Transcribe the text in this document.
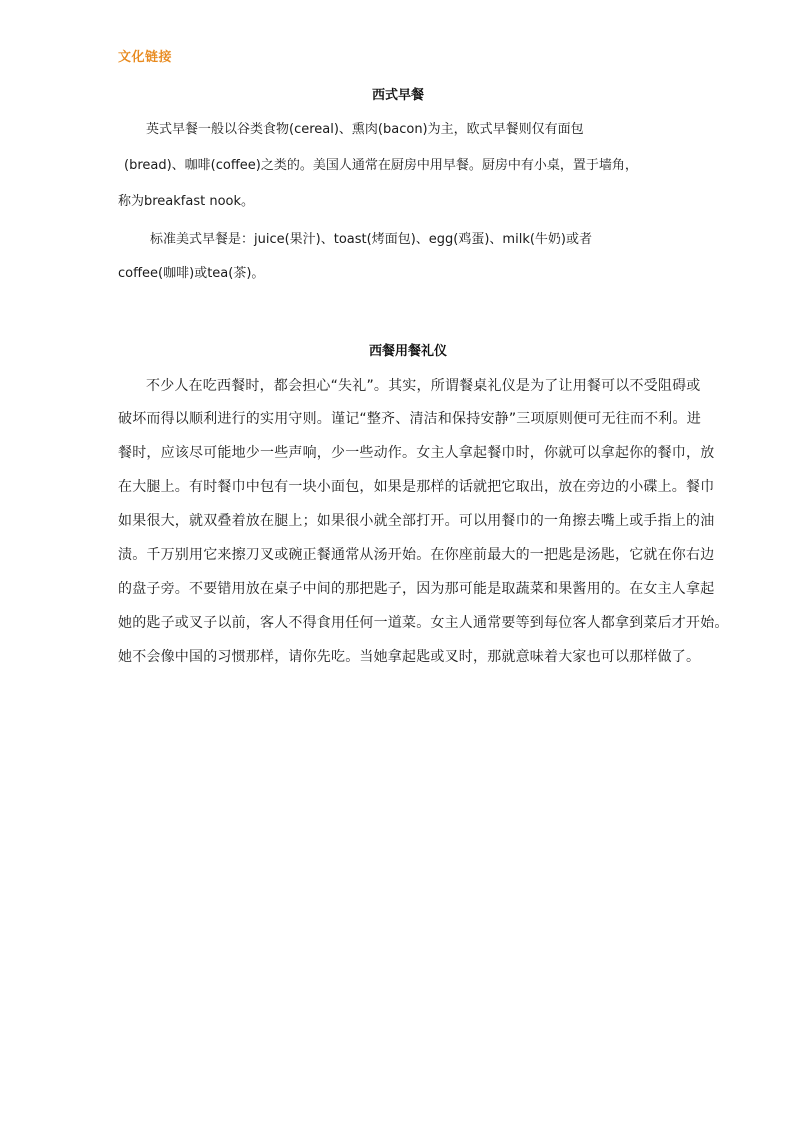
文化链接
西式早餐
英式早餐一般以谷类食物(cereal)、熏肉(bacon)为主，欧式早餐则仅有面包
(bread)、咖啡(coffee)之类的。美国人通常在厨房中用早餐。厨房中有小桌，置于墙角，
称为breakfast nook。
标准美式早餐是：juice(果汁)、toast(烤面包)、egg(鸡蛋)、milk(牛奶)或者
coffee(咖啡)或tea(茶)。
西餐用餐礼仪
不少人在吃西餐时，都会担心“失礼”。其实，所谓餐桌礼仪是为了让用餐可以不受阻碍或
破坏而得以顺利进行的实用守则。谨记“整齐、清洁和保持安静”三项原则便可无往而不利。进
餐时，应该尽可能地少一些声响，少一些动作。女主人拿起餐巾时，你就可以拿起你的餐巾，放
在大腿上。有时餐巾中包有一块小面包，如果是那样的话就把它取出，放在旁边的小碟上。餐巾
如果很大，就双叠着放在腿上；如果很小就全部打开。可以用餐巾的一角擦去嘴上或手指上的油
渍。千万别用它来擦刀叉或碗正餐通常从汤开始。在你座前最大的一把匙是汤匙，它就在你右边
的盘子旁。不要错用放在桌子中间的那把匙子，因为那可能是取蔬菜和果酱用的。在女主人拿起
她的匙子或叉子以前，客人不得食用任何一道菜。女主人通常要等到每位客人都拿到菜后才开始。
她不会像中国的习惯那样，请你先吃。当她拿起匙或叉时，那就意味着大家也可以那样做了。
